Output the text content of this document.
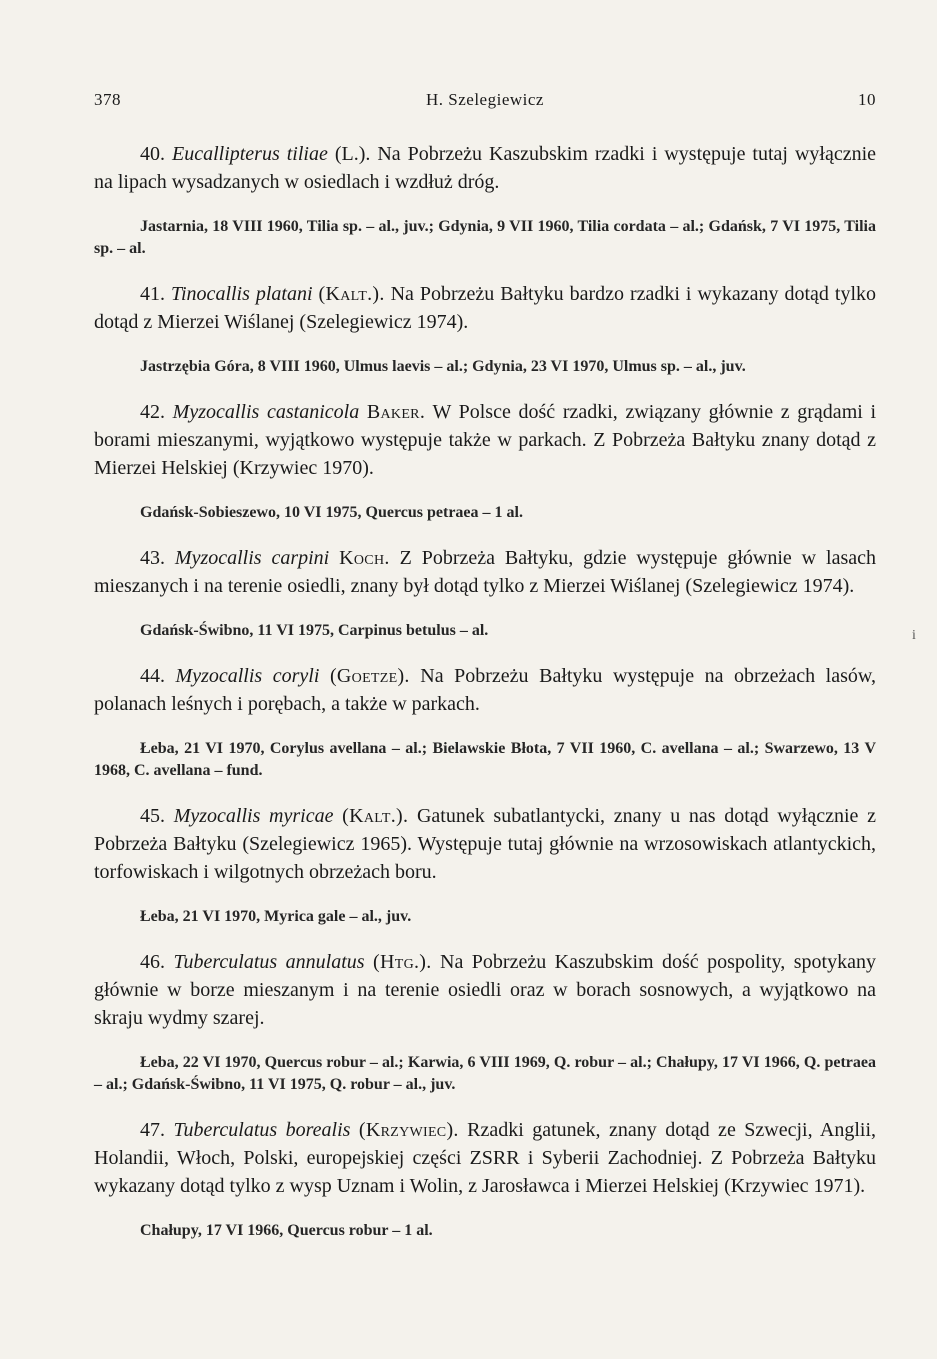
378	H. Szelegiewicz	10

40. Eucallipterus tiliae (L.). Na Pobrzeżu Kaszubskim rzadki i występuje tutaj wyłącznie na lipach wysadzanych w osiedlach i wzdłuż dróg.

Jastarnia, 18 VIII 1960, Tilia sp. – al., juv.; Gdynia, 9 VII 1960, Tilia cordata – al.; Gdańsk, 7 VI 1975, Tilia sp. – al.

41. Tinocallis platani (Kalt.). Na Pobrzeżu Bałtyku bardzo rzadki i wykazany dotąd tylko dotąd z Mierzei Wiślanej (Szelegiewicz 1974).

Jastrzębia Góra, 8 VIII 1960, Ulmus laevis – al.; Gdynia, 23 VI 1970, Ulmus sp. – al., juv.

42. Myzocallis castanicola Baker. W Polsce dość rzadki, związany głównie z grądami i borami mieszanymi, wyjątkowo występuje także w parkach. Z Pobrzeża Bałtyku znany dotąd z Mierzei Helskiej (Krzywiec 1970).

Gdańsk-Sobieszewo, 10 VI 1975, Quercus petraea – 1 al.

43. Myzocallis carpini Koch. Z Pobrzeża Bałtyku, gdzie występuje głównie w lasach mieszanych i na terenie osiedli, znany był dotąd tylko z Mierzei Wiślanej (Szelegiewicz 1974).

Gdańsk-Świbno, 11 VI 1975, Carpinus betulus – al.

44. Myzocallis coryli (Goetze). Na Pobrzeżu Bałtyku występuje na obrzeżach lasów, polanach leśnych i porębach, a także w parkach.

Łeba, 21 VI 1970, Corylus avellana – al.; Bielawskie Błota, 7 VII 1960, C. avellana – al.; Swarzewo, 13 V 1968, C. avellana – fund.

45. Myzocallis myricae (Kalt.). Gatunek subatlantycki, znany u nas dotąd wyłącznie z Pobrzeża Bałtyku (Szelegiewicz 1965). Występuje tutaj głównie na wrzosowiskach atlantyckich, torfowiskach i wilgotnych obrzeżach boru.

Łeba, 21 VI 1970, Myrica gale – al., juv.

46. Tuberculatus annulatus (Htg.). Na Pobrzeżu Kaszubskim dość pospolity, spotykany głównie w borze mieszanym i na terenie osiedli oraz w borach sosnowych, a wyjątkowo na skraju wydmy szarej.

Łeba, 22 VI 1970, Quercus robur – al.; Karwia, 6 VIII 1969, Q. robur – al.; Chałupy, 17 VI 1966, Q. petraea – al.; Gdańsk-Świbno, 11 VI 1975, Q. robur – al., juv.

47. Tuberculatus borealis (Krzywiec). Rzadki gatunek, znany dotąd ze Szwecji, Anglii, Holandii, Włoch, Polski, europejskiej części ZSRR i Syberii Zachodniej. Z Pobrzeża Bałtyku wykazany dotąd tylko z wysp Uznam i Wolin, z Jarosławca i Mierzei Helskiej (Krzywiec 1971).

Chałupy, 17 VI 1966, Quercus robur – 1 al.

i
